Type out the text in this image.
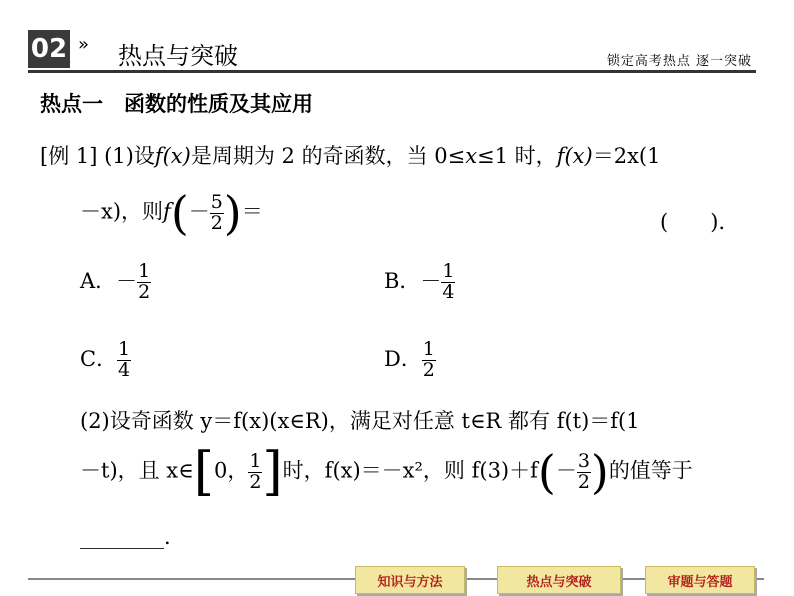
02 » 热点与突破	锁定高考热点 逐一突破
热点一　函数的性质及其应用
[例 1] (1)设f(x)是周期为 2 的奇函数，当 0≤x≤1 时，f(x)＝2x(1
－x)，则$f(- \frac{5}{2}$ )＝	(　　).
A．－ $\frac{1}{2}$	B．－ $\frac{1}{4}$
C． $\frac{1}{4}$	D． $\frac{1}{2}$
(2)设奇函数 y＝f(x)(x∈R)，满足对任意 t∈R 都有 f(t)＝f(1
－t)，且 x∈[0， $\frac{1}{2}$ ]时，f(x)＝－x²，则 $f(3)+f(- \frac{3}{2}$ )的值等于
________.
知识与方法	热点与突破	审题与答题
